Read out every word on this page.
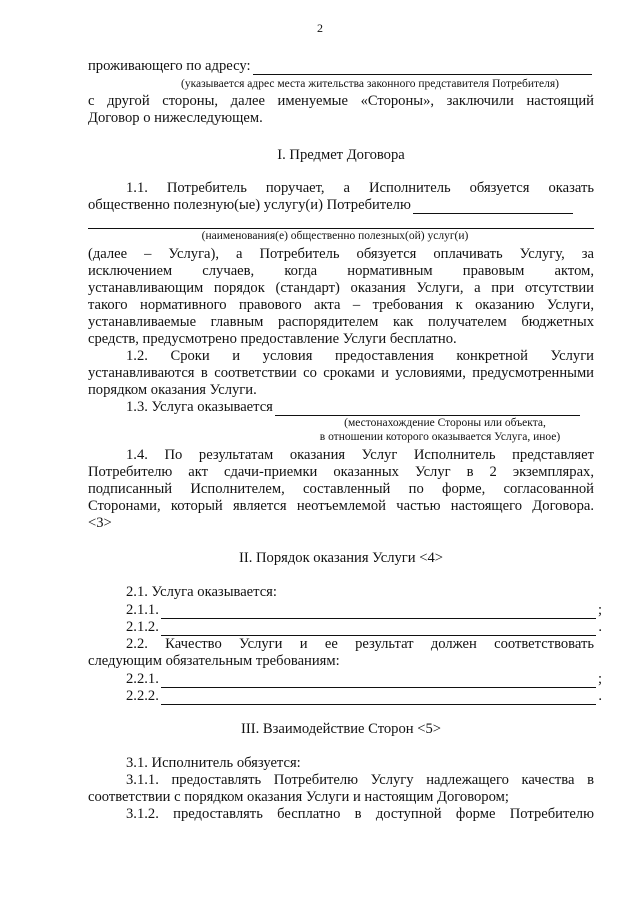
2
проживающего по адресу:
(указывается адрес места жительства законного представителя Потребителя)
с другой стороны, далее именуемые «Стороны», заключили настоящий
Договор о нижеследующем.
I. Предмет Договора
1.1. Потребитель поручает, а Исполнитель обязуется оказать
общественно полезную(ые) услугу(и) Потребителю
(наименования(е) общественно полезных(ой) услуг(и)
(далее – Услуга), а Потребитель обязуется оплачивать Услугу, за
исключением случаев, когда нормативным правовым актом,
устанавливающим порядок (стандарт) оказания Услуги, а при отсутствии
такого нормативного правового акта – требования к оказанию Услуги,
устанавливаемые главным распорядителем как получателем бюджетных
средств, предусмотрено предоставление Услуги бесплатно.
1.2. Сроки и условия предоставления конкретной Услуги
устанавливаются в соответствии со сроками и условиями, предусмотренными
порядком оказания Услуги.
1.3. Услуга оказывается
(местонахождение Стороны или объекта,
в отношении которого оказывается Услуга, иное)
1.4. По результатам оказания Услуг Исполнитель представляет
Потребителю акт сдачи-приемки оказанных Услуг в 2 экземплярах,
подписанный Исполнителем, составленный по форме, согласованной
Сторонами, который является неотъемлемой частью настоящего Договора.
<3>
II. Порядок оказания Услуги <4>
2.1. Услуга оказывается:
2.1.1.	;
2.1.2.	.
2.2. Качество Услуги и ее результат должен соответствовать
следующим обязательным требованиям:
2.2.1.	;
2.2.2.	.
III. Взаимодействие Сторон <5>
3.1. Исполнитель обязуется:
3.1.1. предоставлять Потребителю Услугу надлежащего качества в
соответствии с порядком оказания Услуги и настоящим Договором;
3.1.2. предоставлять бесплатно в доступной форме Потребителю
